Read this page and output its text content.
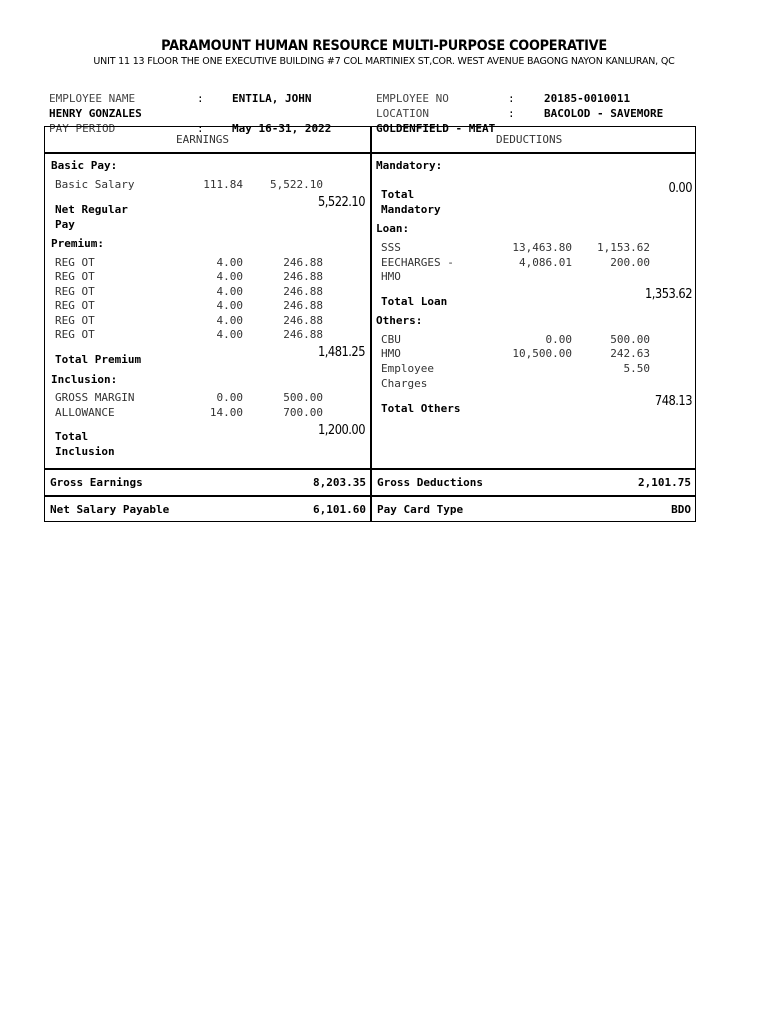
PARAMOUNT HUMAN RESOURCE MULTI-PURPOSE COOPERATIVE
UNIT 11 13 FLOOR THE ONE EXECUTIVE BUILDING #7 COL MARTINIEX ST,COR. WEST AVENUE BAGONG NAYON KANLURAN, QC
EMPLOYEE NAME	:	ENTILA, JOHN
HENRY GONZALES
PAY PERIOD	:	May 16-31, 2022
EMPLOYEE NO	:	20185-0010011
LOCATION	:	BACOLOD - SAVEMORE
GOLDENFIELD - MEAT
EARNINGS	DEDUCTIONS
Basic Pay:
Basic Salary	111.84	5,522.10
Net Regular
Pay
5,522.10
Premium:
REG OT	4.00	246.88
REG OT	4.00	246.88
REG OT	4.00	246.88
REG OT	4.00	246.88
REG OT	4.00	246.88
REG OT	4.00	246.88
Total Premium	1,481.25
Inclusion:
GROSS MARGIN	0.00	500.00
ALLOWANCE	14.00	700.00
Total
Inclusion
1,200.00
Gross Earnings	8,203.35
Net Salary Payable	6,101.60
Mandatory:
Total
Mandatory
0.00
Loan:
SSS	13,463.80	1,153.62
EECHARGES -	4,086.01	200.00
HMO
Total Loan	1,353.62
Others:
CBU	0.00	500.00
HMO	10,500.00	242.63
Employee	5.50
Charges
Total Others	748.13
Gross Deductions	2,101.75
Pay Card Type	BDO
